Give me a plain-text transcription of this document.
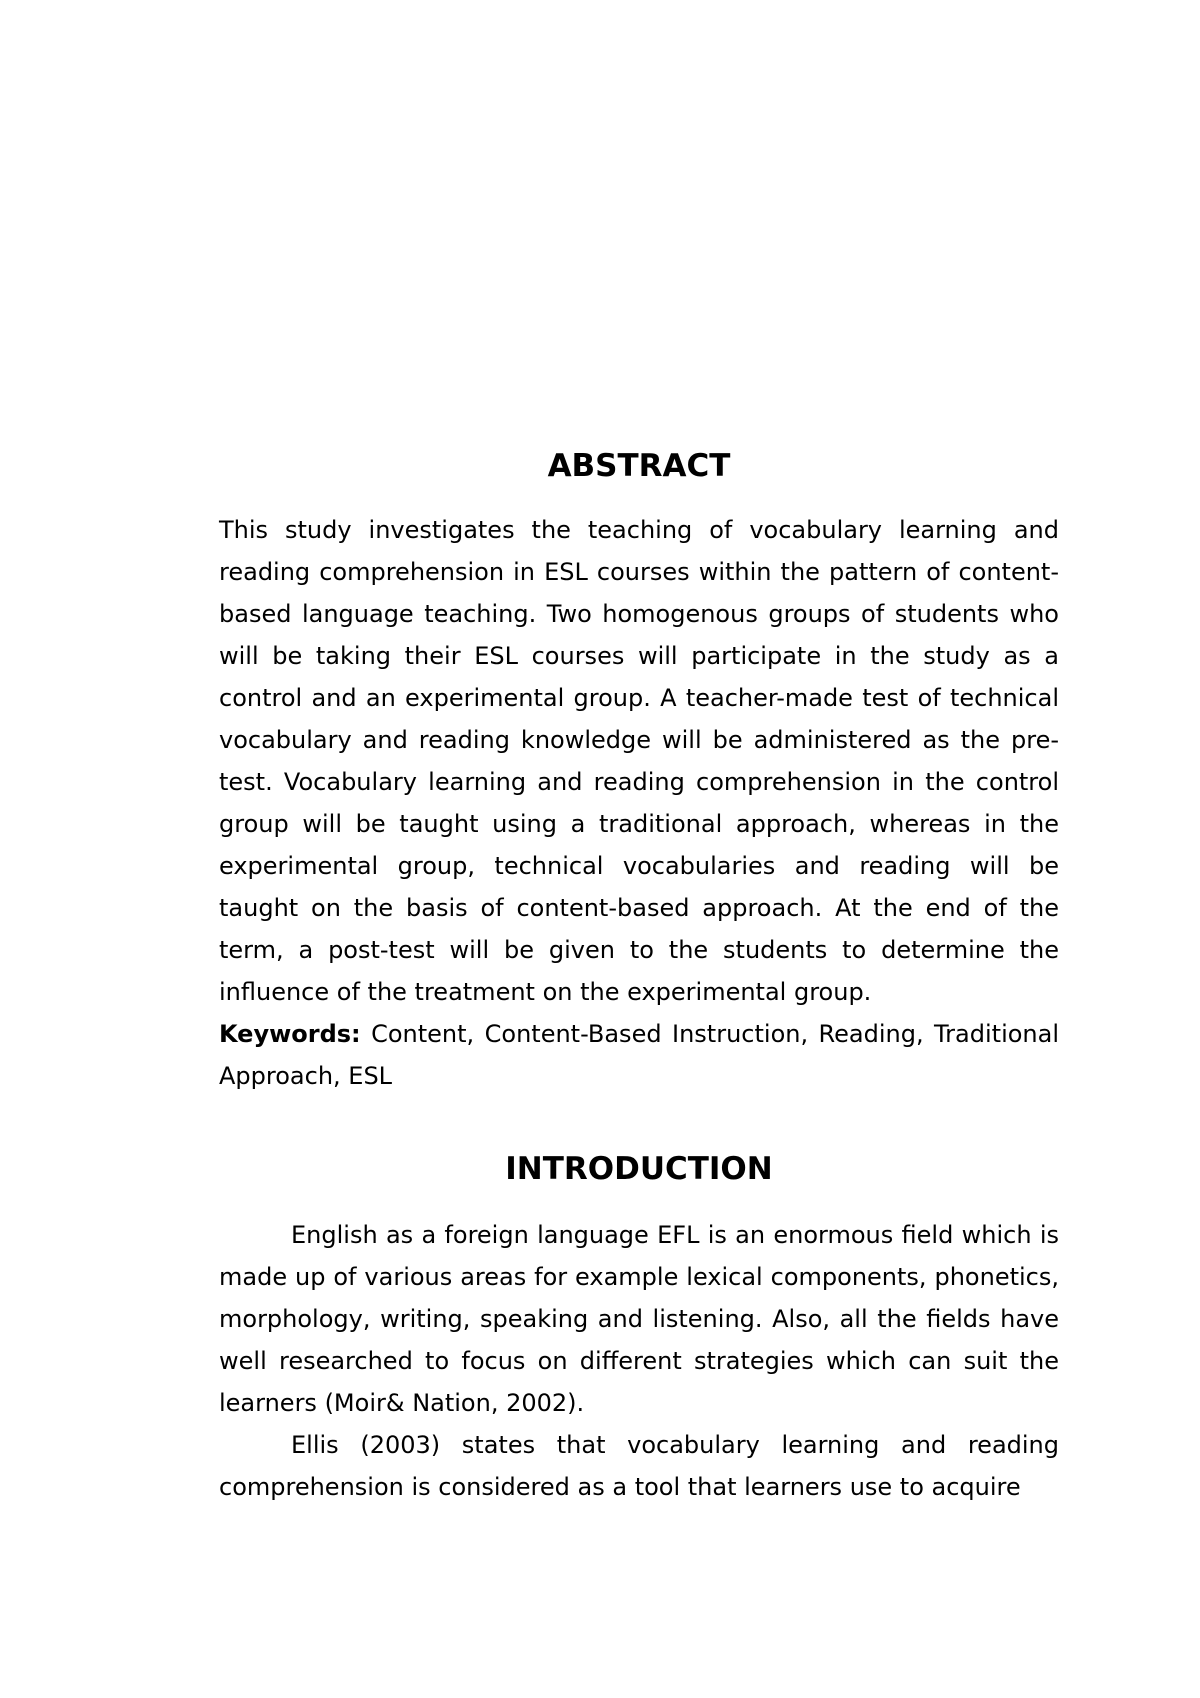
ABSTRACT

This study investigates the teaching of vocabulary learning and reading comprehension in ESL courses within the pattern of content-based language teaching. Two homogenous groups of students who will be taking their ESL courses will participate in the study as a control and an experimental group. A teacher-made test of technical vocabulary and reading knowledge will be administered as the pre-test. Vocabulary learning and reading comprehension in the control group will be taught using a traditional approach, whereas in the experimental group, technical vocabularies and reading will be taught on the basis of content-based approach. At the end of the term, a post-test will be given to the students to determine the influence of the treatment on the experimental group.

Keywords: Content, Content-Based Instruction, Reading, Traditional Approach, ESL

INTRODUCTION

English as a foreign language EFL is an enormous field which is made up of various areas for example lexical components, phonetics, morphology, writing, speaking and listening. Also, all the fields have well researched to focus on different strategies which can suit the learners (Moir& Nation, 2002).

Ellis (2003) states that vocabulary learning and reading comprehension is considered as a tool that learners use to acquire
